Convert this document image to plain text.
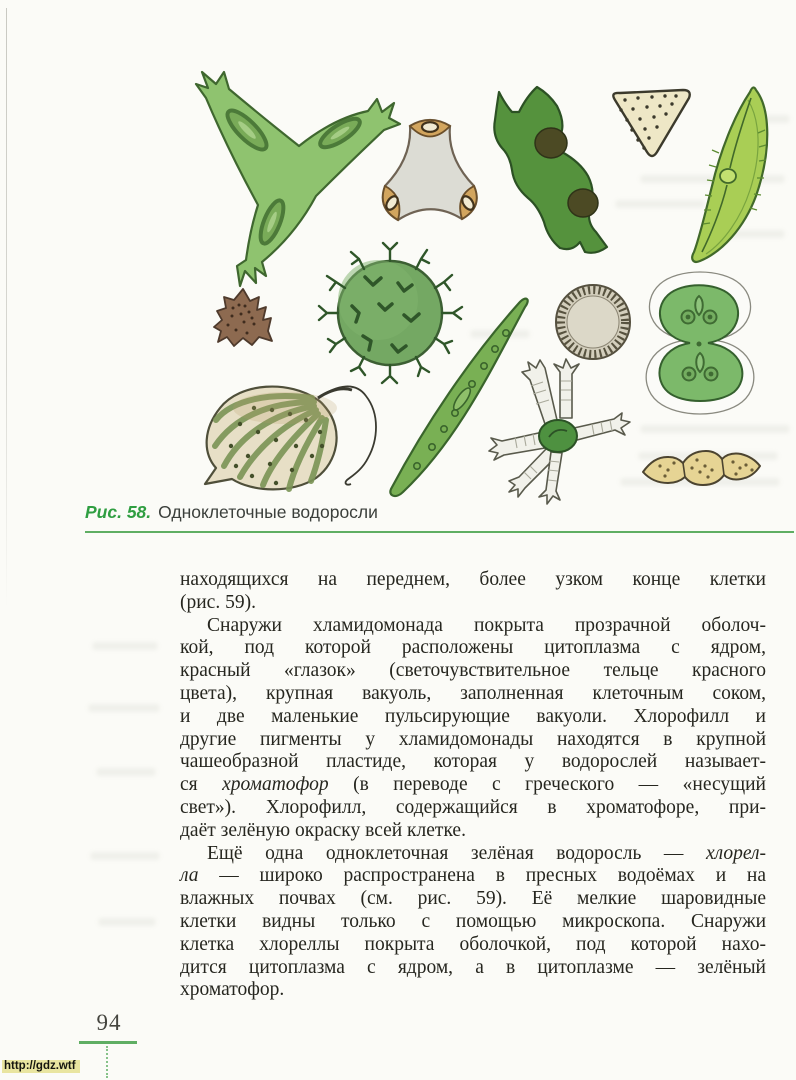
Рис. 58. Одноклеточные водоросли
находящихся на переднем, более узком конце клетки
(рис. 59).
Снаружи хламидомонада покрыта прозрачной оболоч-
кой, под которой расположены цитоплазма с ядром,
красный «глазок» (светочувствительное тельце красного
цвета), крупная вакуоль, заполненная клеточным соком,
и две маленькие пульсирующие вакуоли. Хлорофилл и
другие пигменты у хламидомонады находятся в крупной
чашеобразной пластиде, которая у водорослей называет-
ся хроматофор (в переводе с греческого — «несущий
свет»). Хлорофилл, содержащийся в хроматофоре, при-
даёт зелёную окраску всей клетке.
Ещё одна одноклеточная зелёная водоросль — хлорел-
ла — широко распространена в пресных водоёмах и на
влажных почвах (см. рис. 59). Её мелкие шаровидные
клетки видны только с помощью микроскопа. Снаружи
клетка хлореллы покрыта оболочкой, под которой нахо-
дится цитоплазма с ядром, а в цитоплазме — зелёный
хроматофор.
94
http://gdz.wtf
